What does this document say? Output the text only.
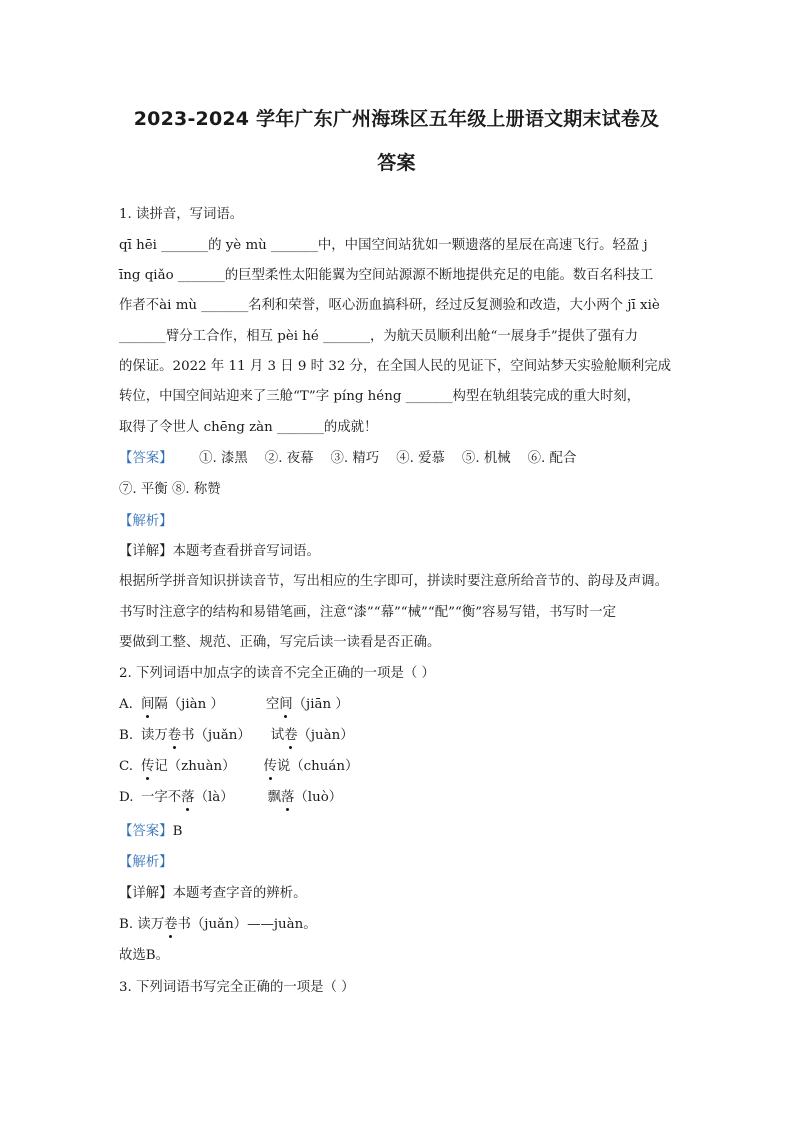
2023-2024 学年广东广州海珠区五年级上册语文期末试卷及
答案
1. 读拼音，写词语。
qī hēi _______的 yè mù _______中，中国空间站犹如一颗遗落的星辰在高速飞行。轻盈 j
īng qiǎo _______的巨型柔性太阳能翼为空间站源源不断地提供充足的电能。数百名科技工
作者不ài mù _______名利和荣誉，呕心沥血搞科研，经过反复测验和改造，大小两个 jī xiè
_______臂分工合作，相互 pèi hé _______，为航天员顺利出舱“一展身手”提供了强有力
的保证。2022 年 11 月 3 日 9 时 32 分，在全国人民的见证下，空间站梦天实验舱顺利完成
转位，中国空间站迎来了三舱“T”字 píng héng _______构型在轨组装完成的重大时刻，
取得了令世人 chēng zàn _______的成就！
【答案】 ①. 漆黑    ②. 夜幕    ③. 精巧    ④. 爱慕    ⑤. 机械    ⑥. 配合
⑦. 平衡 ⑧. 称赞
【解析】
【详解】本题考查看拼音写词语。
根据所学拼音知识拼读音节，写出相应的生字即可，拼读时要注意所给音节的、韵母及声调。
书写时注意字的结构和易错笔画，注意“漆”“幕”“械”“配”“衡”容易写错，书写时一定
要做到工整、规范、正确，写完后读一读看是否正确。
2. 下列词语中加点字的读音不完全正确的一项是（ ）
A. 间隔（jiàn ）	空间（jiān ）
B. 读万卷书（juǎn） 试卷（juàn）
C. 传记（zhuàn） 传说（chuán）
D. 一字不落（là）	飘落（luò）
【答案】B
【解析】
【详解】本题考查字音的辨析。
B. 读万卷书（juǎn）——juàn。
故选B。
3. 下列词语书写完全正确的一项是（ ）
